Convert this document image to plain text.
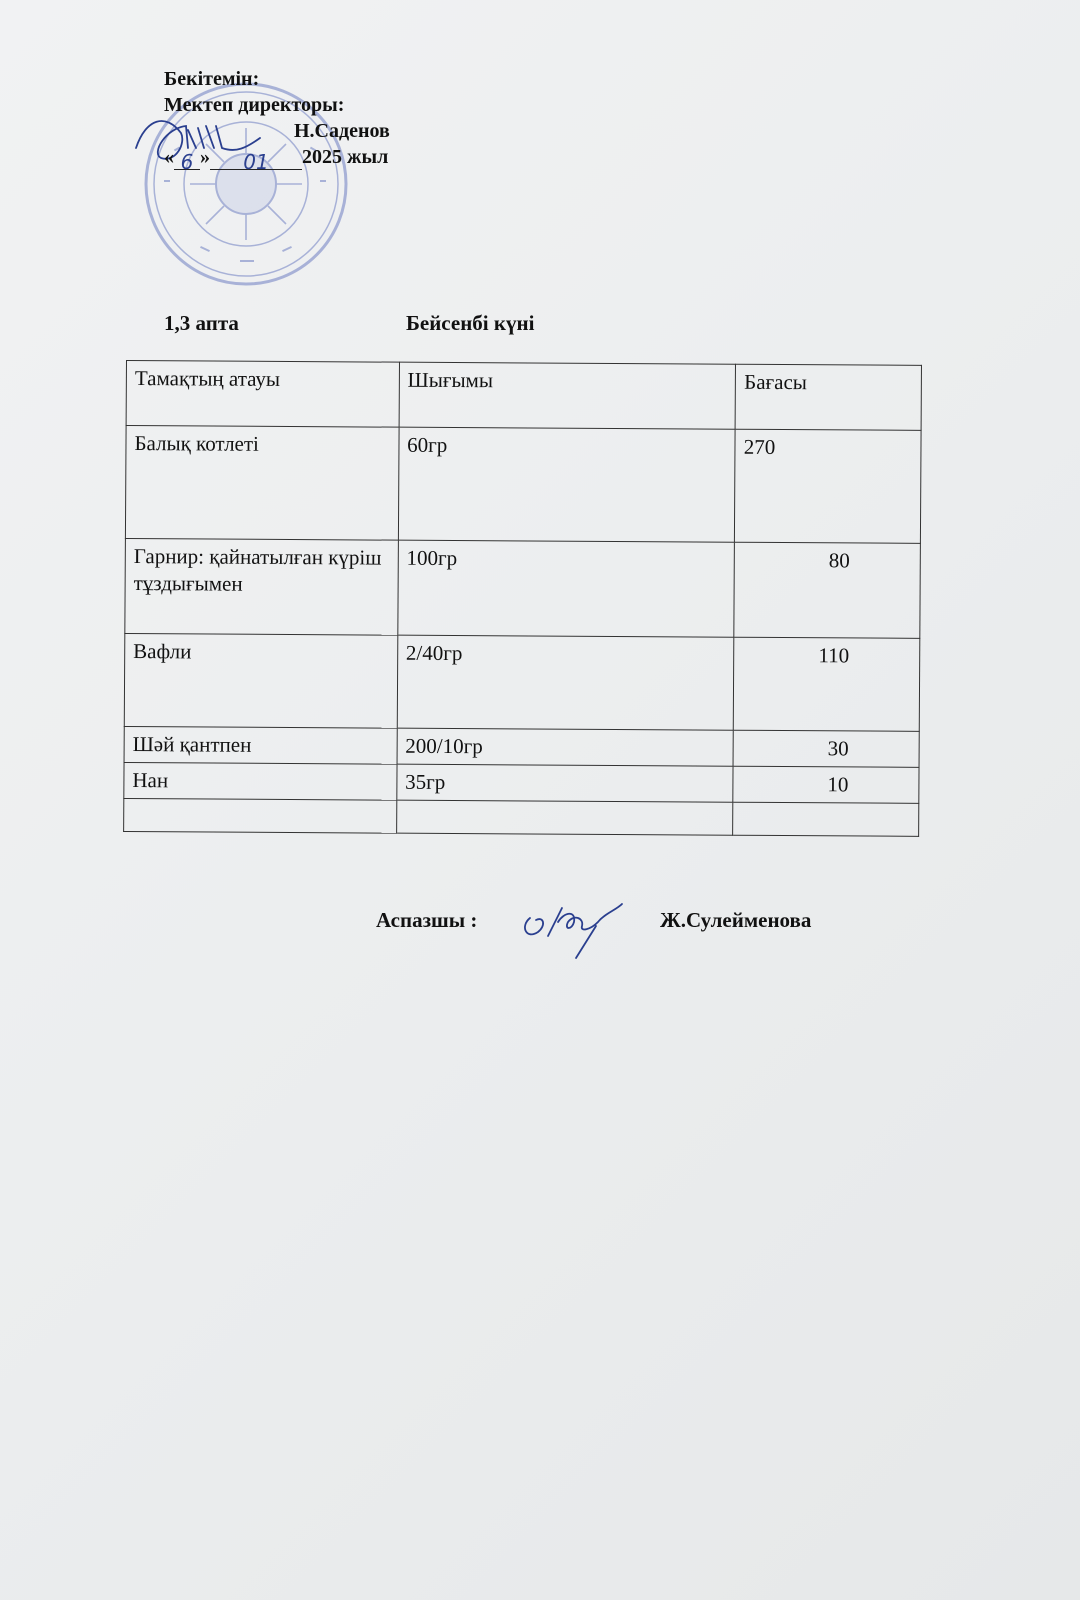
Бекітемін:
Мектеп директоры:
Н.Саденов
« 6 »	01	2025 жыл
1,3 апта	Бейсенбі күні
Тамақтың атауы	Шығымы	Бағасы
Балық котлеті	60гр	270
Гарнир: қайнатылған күріш тұздығымен	100гр	80
Вафли	2/40гр	110
Шәй қантпен	200/10гр	30
Нан	35гр	10

Аспазшы :	Ж.Сулейменова
